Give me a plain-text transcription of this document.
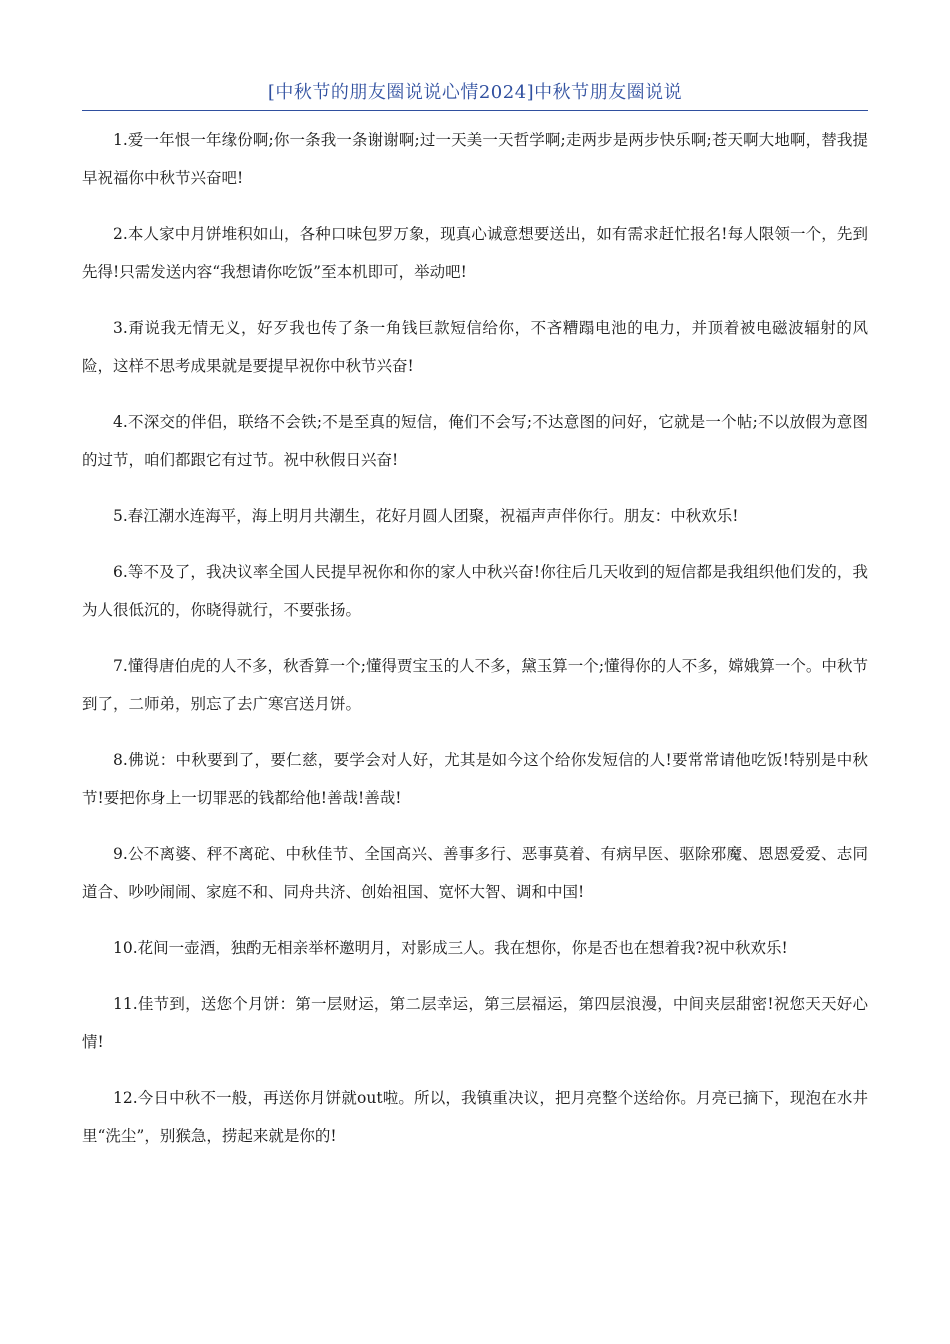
[中秋节的朋友圈说说心情2024]中秋节朋友圈说说

1.爱一年恨一年缘份啊;你一条我一条谢谢啊;过一天美一天哲学啊;走两步是两步快乐啊;苍天啊大地啊，替我提早祝福你中秋节兴奋吧!

2.本人家中月饼堆积如山，各种口味包罗万象，现真心诚意想要送出，如有需求赶忙报名!每人限领一个，先到先得!只需发送内容“我想请你吃饭”至本机即可，举动吧!

3.甭说我无情无义，好歹我也传了条一角钱巨款短信给你，不吝糟蹋电池的电力，并顶着被电磁波辐射的风险，这样不思考成果就是要提早祝你中秋节兴奋!

4.不深交的伴侣，联络不会铁;不是至真的短信，俺们不会写;不达意图的问好，它就是一个帖;不以放假为意图的过节，咱们都跟它有过节。祝中秋假日兴奋!

5.春江潮水连海平，海上明月共潮生，花好月圆人团聚，祝福声声伴你行。朋友：中秋欢乐!

6.等不及了，我决议率全国人民提早祝你和你的家人中秋兴奋!你往后几天收到的短信都是我组织他们发的，我为人很低沉的，你晓得就行，不要张扬。

7.懂得唐伯虎的人不多，秋香算一个;懂得贾宝玉的人不多，黛玉算一个;懂得你的人不多，嫦娥算一个。中秋节到了，二师弟，别忘了去广寒宫送月饼。

8.佛说：中秋要到了，要仁慈，要学会对人好，尤其是如今这个给你发短信的人!要常常请他吃饭!特别是中秋节!要把你身上一切罪恶的钱都给他!善哉!善哉!

9.公不离婆、秤不离砣、中秋佳节、全国高兴、善事多行、恶事莫着、有病早医、驱除邪魔、恩恩爱爱、志同道合、吵吵闹闹、家庭不和、同舟共济、创始祖国、宽怀大智、调和中国!

10.花间一壶酒，独酌无相亲举杯邀明月，对影成三人。我在想你，你是否也在想着我?祝中秋欢乐!

11.佳节到，送您个月饼：第一层财运，第二层幸运，第三层福运，第四层浪漫，中间夹层甜密!祝您天天好心情!

12.今日中秋不一般，再送你月饼就out啦。所以，我镇重决议，把月亮整个送给你。月亮已摘下，现泡在水井里“洗尘”，别猴急，捞起来就是你的!
